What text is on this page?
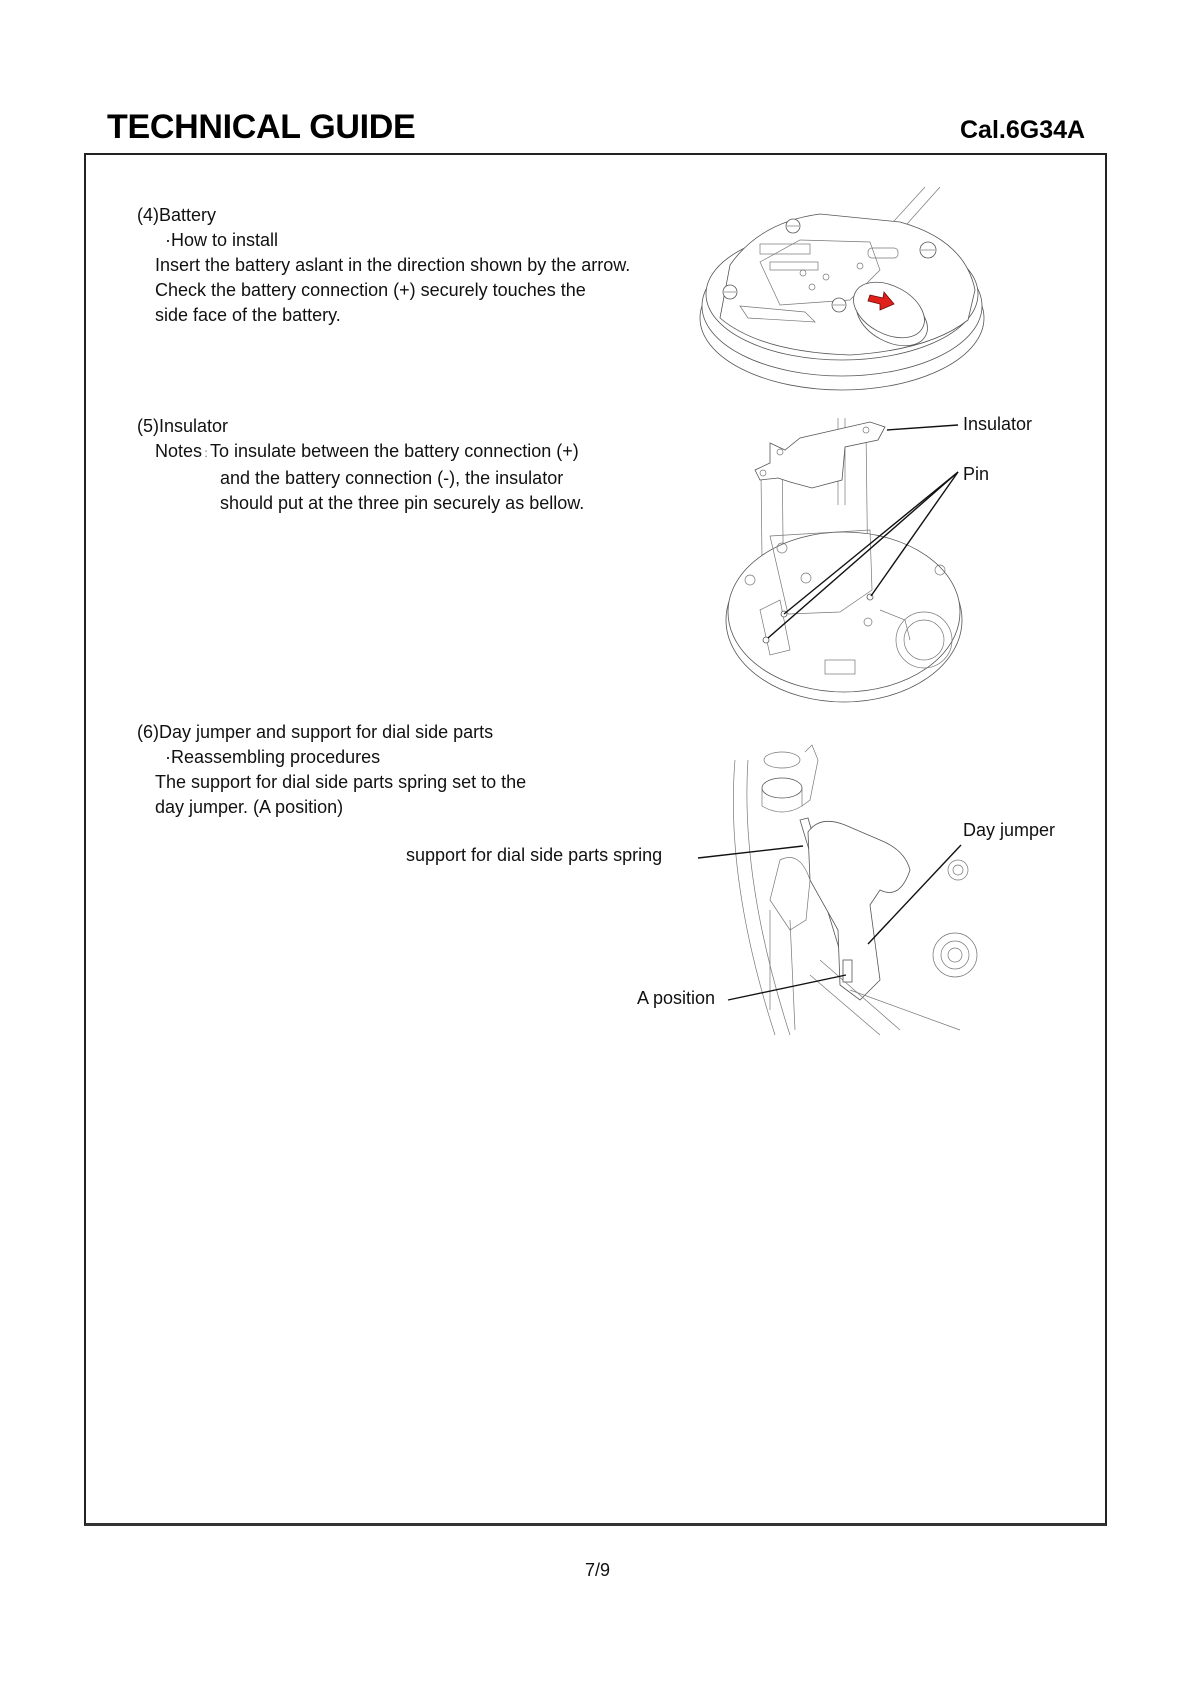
TECHNICAL GUIDE	Cal.6G34A
(4)Battery
·How to install
Insert the battery aslant in the direction shown by the arrow.
Check the battery connection (+) securely touches the
side face of the battery.
(5)Insulator
Notes : To insulate between the battery connection (+)
and the battery connection (-), the insulator
should put at the three pin securely as bellow.
(6)Day jumper and support for dial side parts
·Reassembling procedures
The support for dial side parts spring set to the
day jumper. (A position)
Insulator
Pin
support for dial side parts spring
Day jumper
A position
7/9
